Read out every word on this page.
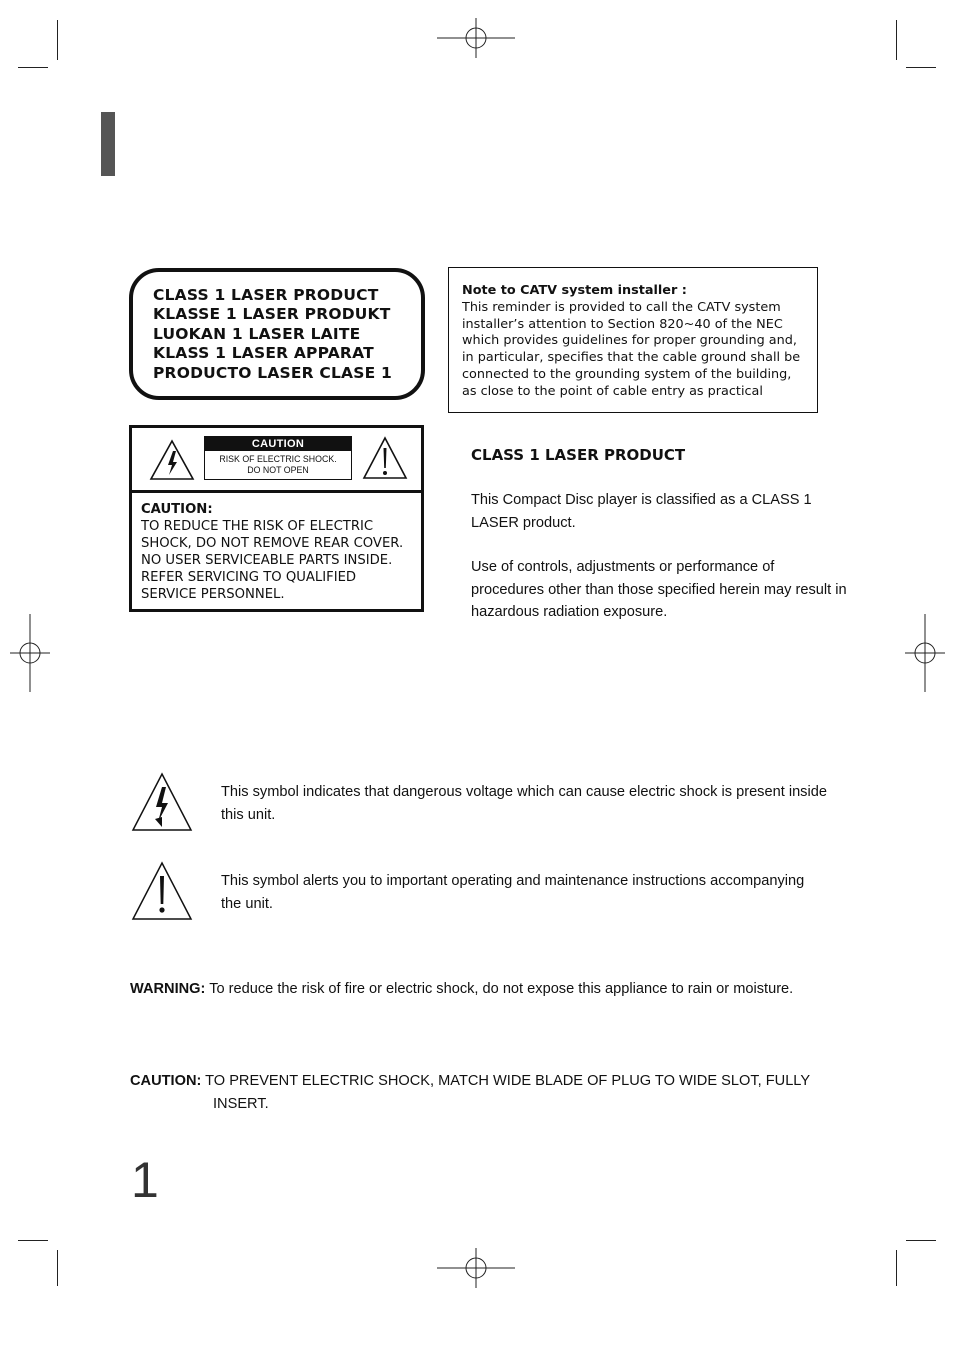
CLASS 1 LASER PRODUCT
KLASSE 1 LASER PRODUKT
LUOKAN 1 LASER LAITE
KLASS 1 LASER APPARAT
PRODUCTO LASER CLASE 1
Note to CATV system installer :
This reminder is provided to call the CATV system
installer’s attention to Section 820~40 of the NEC
which provides guidelines for proper grounding and,
in particular, specifies that the cable ground shall be
connected to the grounding system of the building,
as close to the point of cable entry as practical
CAUTION
RISK OF ELECTRIC SHOCK.
DO NOT OPEN
CAUTION:
TO REDUCE THE RISK OF ELECTRIC
SHOCK, DO NOT REMOVE REAR COVER.
NO USER SERVICEABLE PARTS INSIDE.
REFER SERVICING TO QUALIFIED
SERVICE PERSONNEL.
CLASS 1 LASER PRODUCT
This Compact Disc player is classified as a CLASS 1 LASER product.
Use of controls, adjustments or performance of procedures other than those specified herein may result in hazardous radiation exposure.
This symbol indicates that dangerous voltage which can cause electric shock is present inside this unit.
This symbol alerts you to important operating and maintenance instructions accompanying the unit.
WARNING: To reduce the risk of fire or electric shock, do not expose this appliance to rain or moisture.
CAUTION: TO PREVENT ELECTRIC SHOCK, MATCH WIDE BLADE OF PLUG TO WIDE SLOT, FULLY
INSERT.
1
